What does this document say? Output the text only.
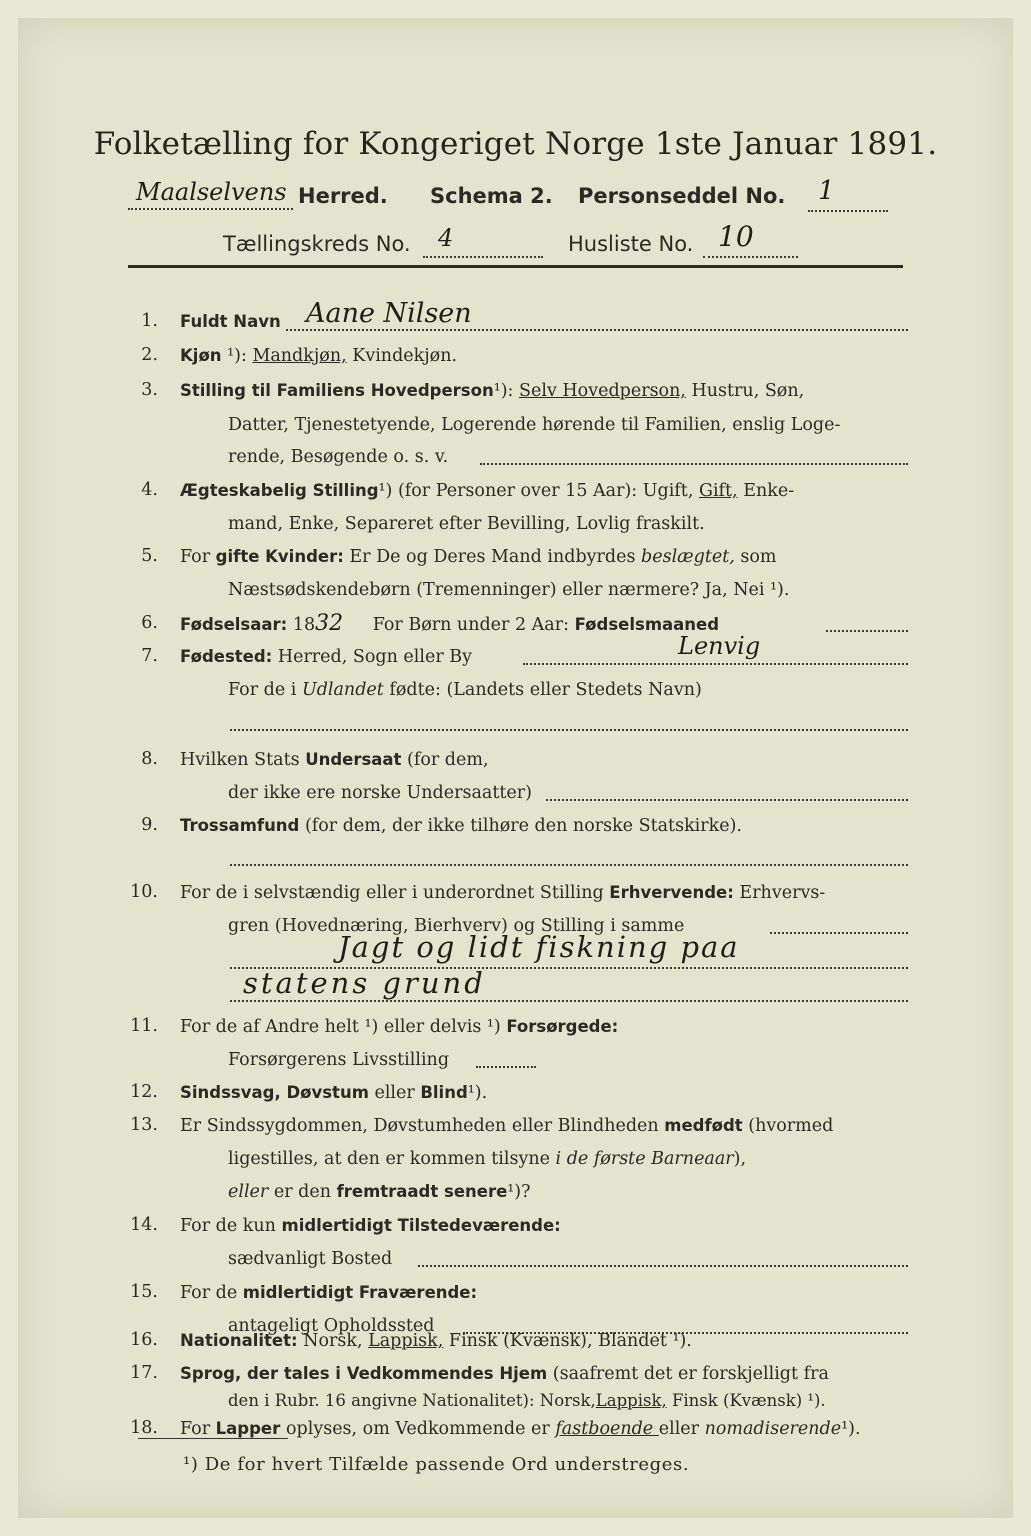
Folketælling for Kongeriget Norge 1ste Januar 1891.
Maalselvens Herred. Schema 2. Personseddel No. 1
Tællingskreds No. 4	Husliste No. 10
1. Fuldt Navn Aane Nilsen
2. Kjøn ¹): Mandkjøn, Kvindekjøn.
3. Stilling til Familiens Hovedperson¹): Selv Hovedperson, Hustru, Søn,
Datter, Tjenestetyende, Logerende hørende til Familien, enslig Loge-
rende, Besøgende o. s. v.
4. Ægteskabelig Stilling¹) (for Personer over 15 Aar): Ugift, Gift, Enke-
mand, Enke, Separeret efter Bevilling, Lovlig fraskilt.
5. For gifte Kvinder: Er De og Deres Mand indbyrdes beslægtet, som
Næstsødskendebørn (Tremenninger) eller nærmere? Ja, Nei ¹).
6. Fødselsaar: 1832 For Børn under 2 Aar: Fødselsmaaned
7. Fødested: Herred, Sogn eller By	Lenvig
For de i Udlandet fødte: (Landets eller Stedets Navn)
8. Hvilken Stats Undersaat (for dem,
der ikke ere norske Undersaatter)
9. Trossamfund (for dem, der ikke tilhøre den norske Statskirke).
10. For de i selvstændig eller i underordnet Stilling Erhvervende: Erhvervs-
gren (Hovednæring, Bierhverv) og Stilling i samme
Jagt og lidt fiskning paa
statens grund
11. For de af Andre helt ¹) eller delvis ¹) Forsørgede:
Forsørgerens Livsstilling
12. Sindssvag, Døvstum eller Blind¹).
13. Er Sindssygdommen, Døvstumheden eller Blindheden medfødt (hvormed
ligestilles, at den er kommen tilsyne i de første Barneaar),
eller er den fremtraadt senere¹)?
14. For de kun midlertidigt Tilstedeværende:
sædvanligt Bosted
15. For de midlertidigt Fraværende:
antageligt Opholdssted
16. Nationalitet: Norsk, Lappisk, Finsk (Kvænsk), Blandet ¹).
17. Sprog, der tales i Vedkommendes Hjem (saafremt det er forskjelligt fra
den i Rubr. 16 angivne Nationalitet): Norsk,Lappisk, Finsk (Kvænsk) ¹).
18.
¹) De for hvert Tilfælde passende Ord understreges.
For Lapper oplyses, om Vedkommende er fastboende eller nomadiserende¹).
